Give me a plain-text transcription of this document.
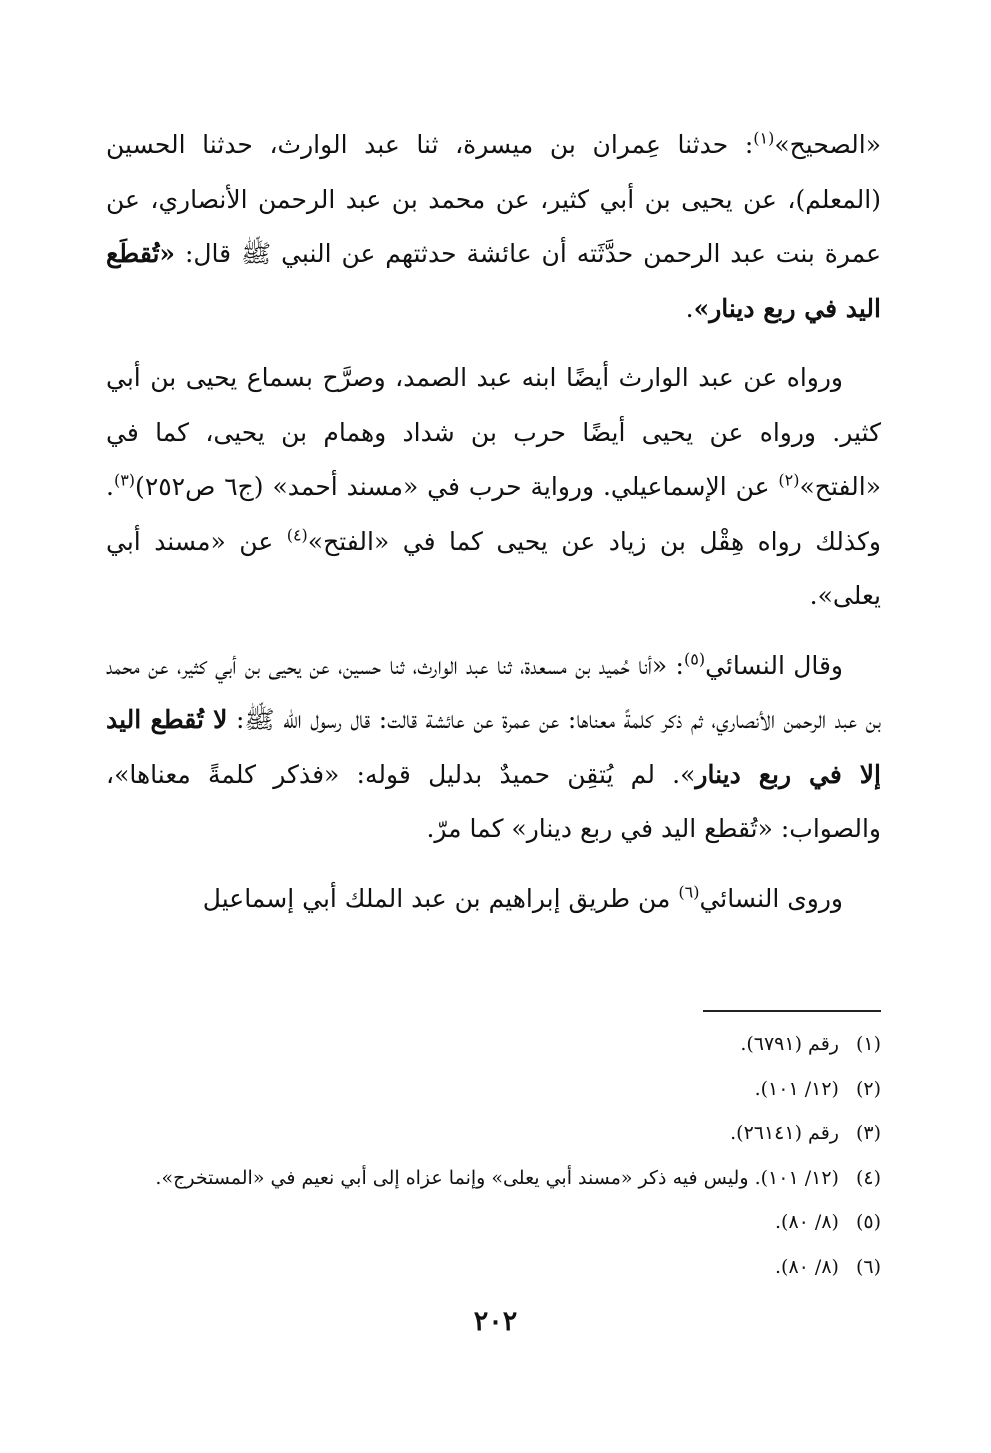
«الصحيح»$^{(١)}$: حدثنا عِمران بن ميسرة، ثنا عبد الوارث، حدثنا الحسين (المعلم)، عن يحيى بن أبي كثير، عن محمد بن عبد الرحمن الأنصاري، عن عمرة بنت عبد الرحمن حدَّثَته أن عائشة حدثتهم عن النبي ﷺ قال: «تُقطَع اليد في ربع دينار».

ورواه عن عبد الوارث أيضًا ابنه عبد الصمد، وصرَّح بسماع يحيى بن أبي كثير. ورواه عن يحيى أيضًا حرب بن شداد وهمام بن يحيى، كما في «الفتح»$^{(٢)}$ عن الإسماعيلي. ورواية حرب في «مسند أحمد» (ج٦ ص٢٥٢)$^{(٣)}$. وكذلك رواه هِقْل بن زياد عن يحيى كما في «الفتح»$^{(٤)}$ عن «مسند أبي يعلى».

وقال النسائي$^{(٥)}$: «أنا حُميد بن مسعدة، ثنا عبد الوارث، ثنا حسين، عن يحيى بن أبي كثير، عن محمد بن عبد الرحمن الأنصاري، ثم ذكر كلمةً معناها: عن عمرة عن عائشة قالت: قال رسول الله ﷺ: لا تُقطع اليد إلا في ربع دينار». لم يُتقِن حميدٌ بدليل قوله: «فذكر كلمةً معناها»، والصواب: «تُقطع اليد في ربع دينار» كما مرّ.

وروى النسائي$^{(٦)}$ من طريق إبراهيم بن عبد الملك أبي إسماعيل

(١) رقم (٦٧٩١).
(٢) (١٢/ ١٠١).
(٣) رقم (٢٦١٤١).
(٤) (١٢/ ١٠١). وليس فيه ذكر «مسند أبي يعلى» وإنما عزاه إلى أبي نعيم في «المستخرج».
(٥) (٨/ ٨٠).
(٦) (٨/ ٨٠).
٢٠٢
